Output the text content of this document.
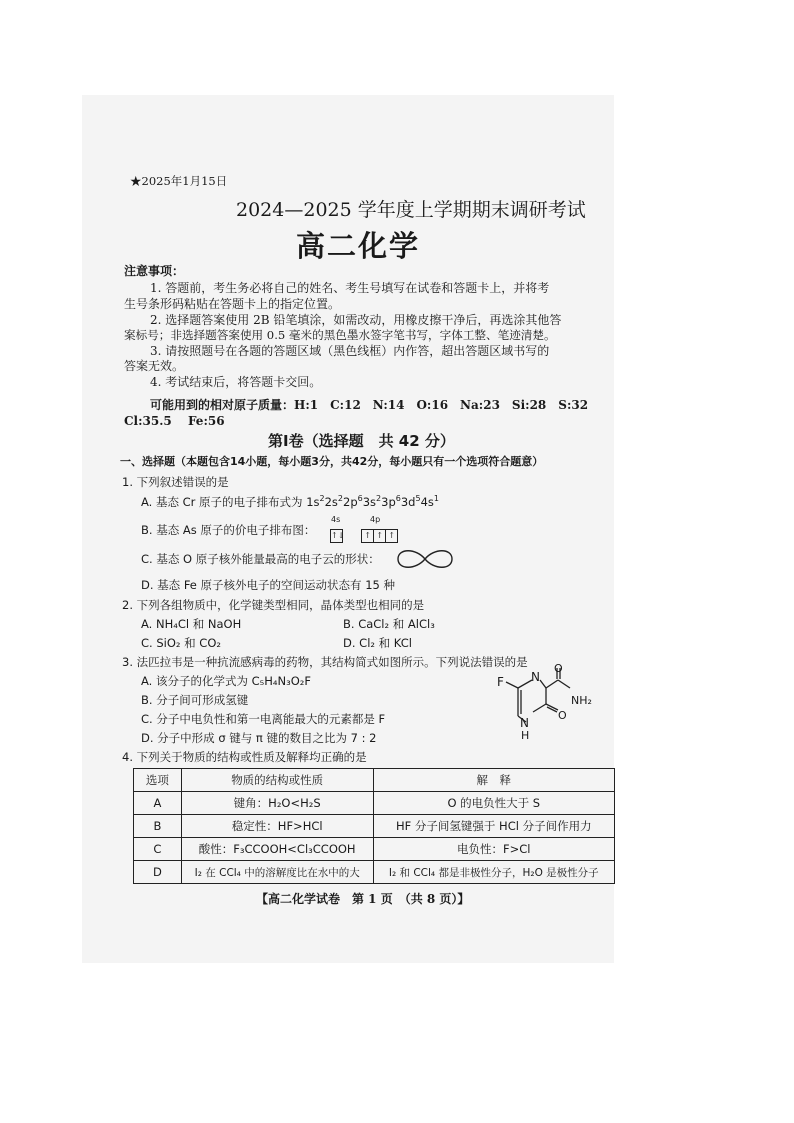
★2025年1月15日
2024—2025 学年度上学期期末调研考试
高二化学
注意事项：
1. 答题前，考生务必将自己的姓名、考生号填写在试卷和答题卡上，并将考
生号条形码粘贴在答题卡上的指定位置。
2. 选择题答案使用 2B 铅笔填涂，如需改动，用橡皮擦干净后，再选涂其他答
案标号；非选择题答案使用 0.5 毫米的黑色墨水签字笔书写，字体工整、笔迹清楚。
3. 请按照题号在各题的答题区域（黑色线框）内作答，超出答题区域书写的
答案无效。
4. 考试结束后，将答题卡交回。
可能用到的相对原子质量：H:1　C:12　N:14　O:16　Na:23　Si:28　S:32
Cl:35.5　 Fe:56
第Ⅰ卷（选择题　共 42 分）
一、选择题（本题包含14小题，每小题3分，共42分，每小题只有一个选项符合题意）
1. 下列叙述错误的是
A. 基态 Cr 原子的电子排布式为 $1s^22s^22p^63s^23p^63d^54s^1$
B. 基态 As 原子的价电子排布图：
4s
↑↓
4p
↑ ↑ ↑
C. 基态 O 原子核外能量最高的电子云的形状：
D. 基态 Fe 原子核外电子的空间运动状态有 15 种
2. 下列各组物质中，化学键类型相同，晶体类型也相同的是
A. NH₄Cl 和 NaOH	B. CaCl₂ 和 AlCl₃
C. SiO₂ 和 CO₂	D. Cl₂ 和 KCl
3. 法匹拉韦是一种抗流感病毒的药物，其结构简式如图所示。下列说法错误的是
A. 该分子的化学式为 C₅H₄N₃O₂F
B. 分子间可形成氢键
C. 分子中电负性和第一电离能最大的元素都是 F
D. 分子中形成 σ 键与 π 键的数目之比为 7 : 2
F N
O
NH₂
O
N
H
4. 下列关于物质的结构或性质及解释均正确的是
选项	物质的结构或性质	解　释
A	键角：H₂O<H₂S	O 的电负性大于 S
B	稳定性：HF>HCl	HF 分子间氢键强于 HCl 分子间作用力
C	酸性：F₃CCOOH<Cl₃CCOOH	电负性：F>Cl
D	I₂ 在 CCl₄ 中的溶解度比在水中的大	I₂ 和 CCl₄ 都是非极性分子，H₂O 是极性分子
【高二化学试卷　第 1 页　（共 8 页）】
